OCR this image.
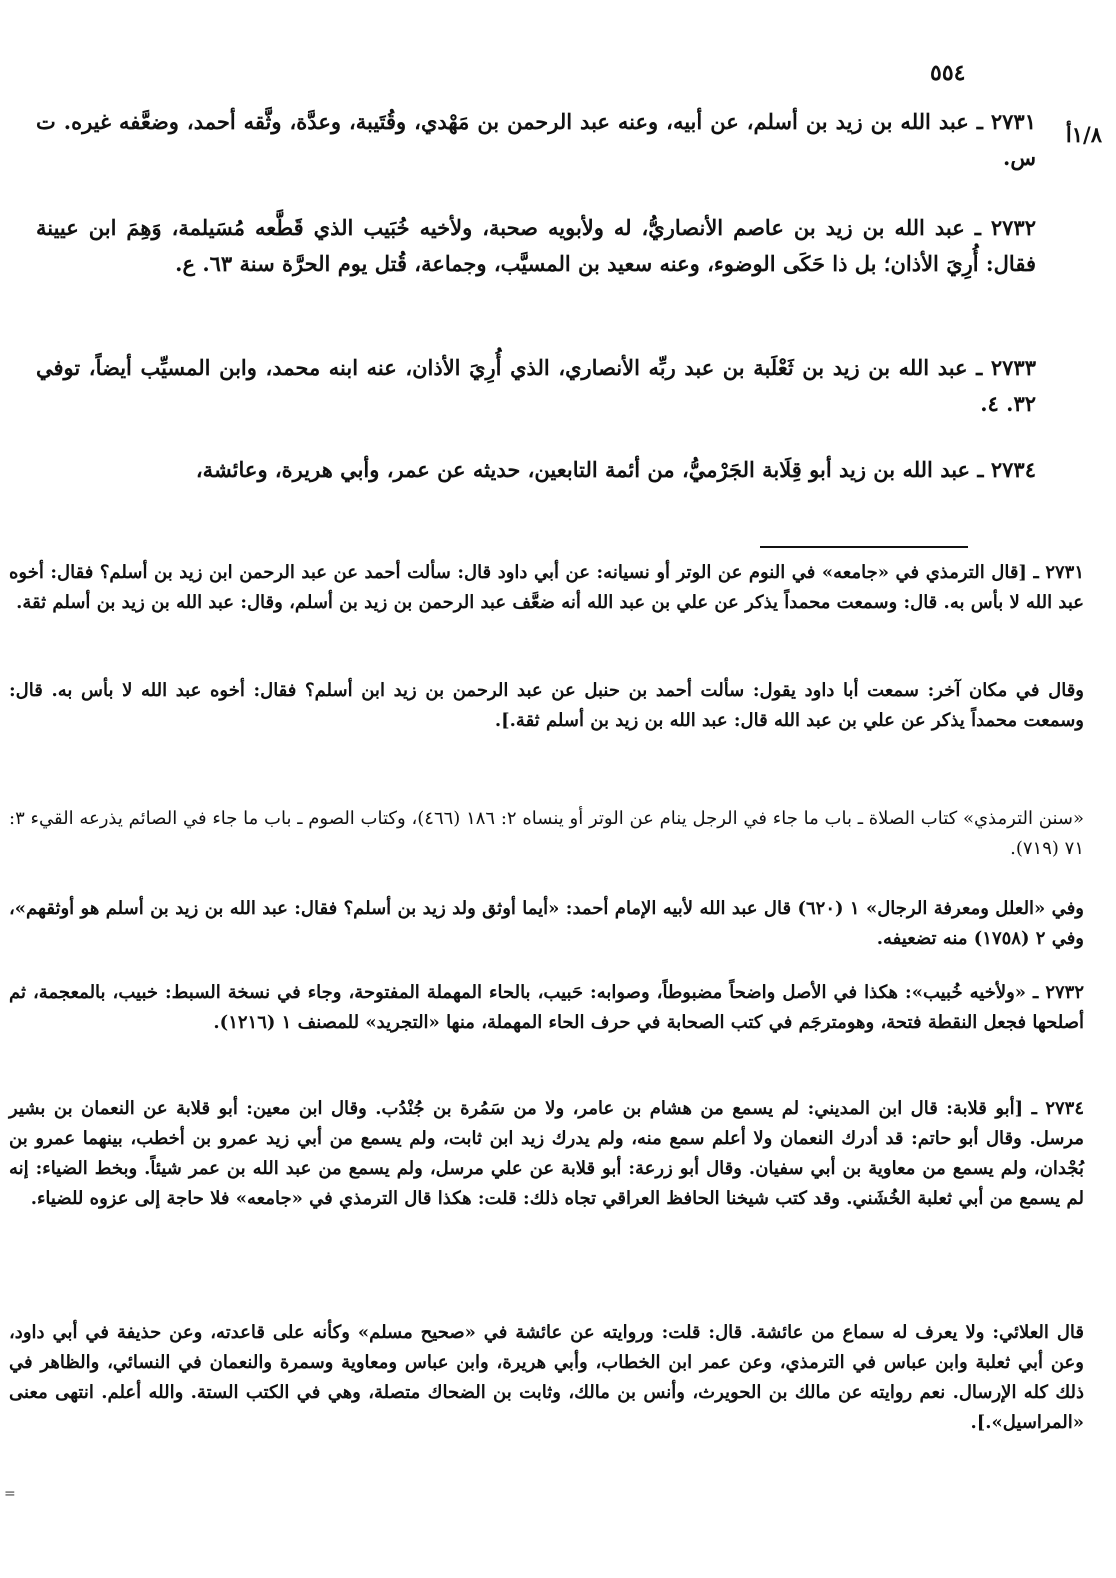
٥٥٤
١/٨أ

٢٧٣١ ـ عبد الله بن زيد بن أسلم، عن أبيه، وعنه عبد الرحمن بن مَهْدي، وقُتَيبة، وعدَّة، وثَّقه أحمد، وضعَّفه غيره. ت س.

٢٧٣٢ ـ عبد الله بن زيد بن عاصم الأنصاريُّ، له ولأبويه صحبة، ولأخيه خُبَيب الذي قَطَّعه مُسَيلمة، وَهِمَ ابن عيينة فقال: أُرِيَ الأذان؛ بل ذا حَكَى الوضوء، وعنه سعيد بن المسيَّب، وجماعة، قُتل يوم الحرَّة سنة ٦٣. ع.

٢٧٣٣ ـ عبد الله بن زيد بن ثَعْلَبة بن عبد ربِّه الأنصاري، الذي أُرِيَ الأذان، عنه ابنه محمد، وابن المسيِّب أيضاً، توفي ٣٢. ٤.

٢٧٣٤ ـ عبد الله بن زيد أبو قِلَابة الجَرْميُّ، من أئمة التابعين، حديثه عن عمر، وأبي هريرة، وعائشة،

٢٧٣١ ـ [قال الترمذي في «جامعه» في النوم عن الوتر أو نسيانه: عن أبي داود قال: سألت أحمد عن عبد الرحمن ابن زيد بن أسلم؟ فقال: أخوه عبد الله لا بأس به. قال: وسمعت محمداً يذكر عن علي بن عبد الله أنه ضعَّف عبد الرحمن بن زيد بن أسلم، وقال: عبد الله بن زيد بن أسلم ثقة.

وقال في مكان آخر: سمعت أبا داود يقول: سألت أحمد بن حنبل عن عبد الرحمن بن زيد ابن أسلم؟ فقال: أخوه عبد الله لا بأس به. قال: وسمعت محمداً يذكر عن علي بن عبد الله قال: عبد الله بن زيد بن أسلم ثقة.].

«سنن الترمذي» كتاب الصلاة ـ باب ما جاء في الرجل ينام عن الوتر أو ينساه ٢: ١٨٦ (٤٦٦)، وكتاب الصوم ـ باب ما جاء في الصائم يذرعه القيء ٣: ٧١ (٧١٩).

وفي «العلل ومعرفة الرجال» ١ (٦٢٠) قال عبد الله لأبيه الإمام أحمد: «أيما أوثق ولد زيد بن أسلم؟ فقال: عبد الله بن زيد بن أسلم هو أوثقهم»، وفي ٢ (١٧٥٨) منه تضعيفه.

٢٧٣٢ ـ «ولأخيه خُبيب»: هكذا في الأصل واضحاً مضبوطاً، وصوابه: حَبيب، بالحاء المهملة المفتوحة، وجاء في نسخة السبط: خبيب، بالمعجمة، ثم أصلحها فجعل النقطة فتحة، وهومترجَم في كتب الصحابة في حرف الحاء المهملة، منها «التجريد» للمصنف ١ (١٢١٦).

٢٧٣٤ ـ [أبو قلابة: قال ابن المديني: لم يسمع من هشام بن عامر، ولا من سَمُرة بن جُنْدُب. وقال ابن معين: أبو قلابة عن النعمان بن بشير مرسل. وقال أبو حاتم: قد أدرك النعمان ولا أعلم سمع منه، ولم يدرك زيد ابن ثابت، ولم يسمع من أبي زيد عمرو بن أخطب، بينهما عمرو بن بُجْدان، ولم يسمع من معاوية بن أبي سفيان. وقال أبو زرعة: أبو قلابة عن علي مرسل، ولم يسمع من عبد الله بن عمر شيئاً. وبخط الضياء: إنه لم يسمع من أبي ثعلبة الخُشَني. وقد كتب شيخنا الحافظ العراقي تجاه ذلك: قلت: هكذا قال الترمذي في «جامعه» فلا حاجة إلى عزوه للضياء.

قال العلائي: ولا يعرف له سماع من عائشة. قال: قلت: وروايته عن عائشة في «صحيح مسلم» وكأنه على قاعدته، وعن حذيفة في أبي داود، وعن أبي ثعلبة وابن عباس في الترمذي، وعن عمر ابن الخطاب، وأبي هريرة، وابن عباس ومعاوية وسمرة والنعمان في النسائي، والظاهر في ذلك كله الإرسال. نعم روايته عن مالك بن الحويرث، وأنس بن مالك، وثابت بن الضحاك متصلة، وهي في الكتب الستة. والله أعلم. انتهى معنى «المراسيل».].

=
